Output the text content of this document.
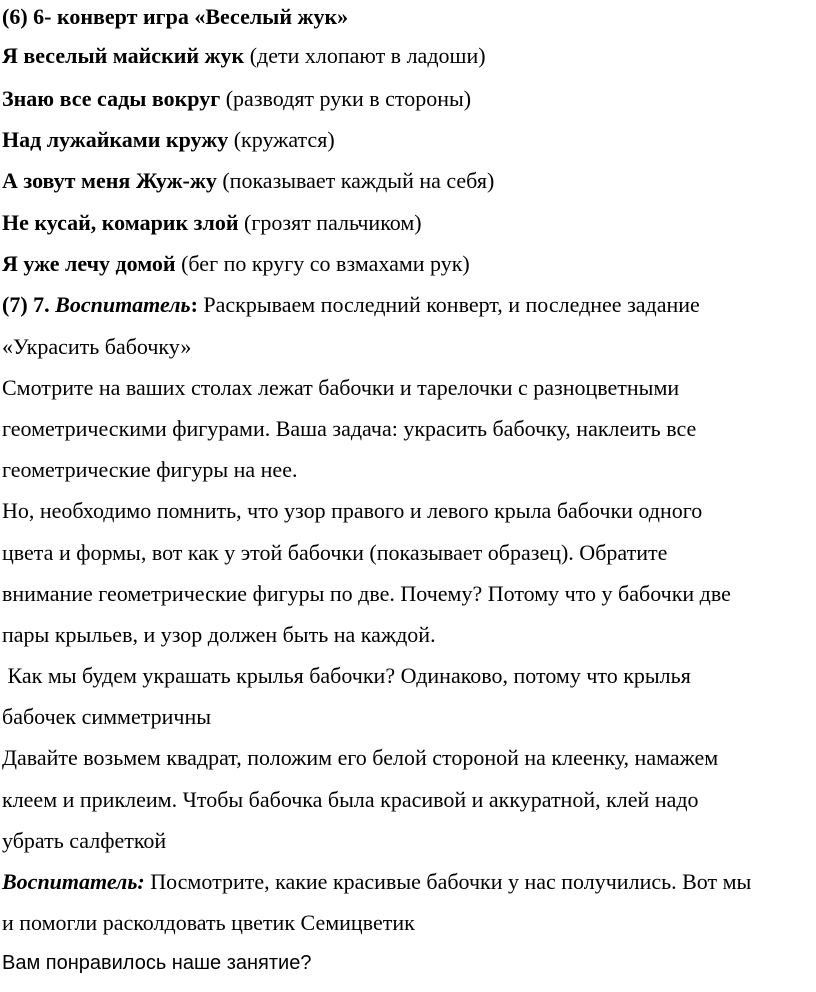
(6) 6- конверт игра «Веселый жук»
Я веселый майский жук (дети хлопают в ладоши)
Знаю все сады вокруг (разводят руки в стороны)
Над лужайками кружу (кружатся)
А зовут меня Жуж-жу (показывает каждый на себя)
Не кусай, комарик злой (грозят пальчиком)
Я уже лечу домой (бег по кругу со взмахами рук)
(7) 7. Воспитатель: Раскрываем последний конверт, и последнее задание
«Украсить бабочку»
Смотрите на ваших столах лежат бабочки и тарелочки с разноцветными
геометрическими фигурами. Ваша задача: украсить бабочку, наклеить все
геометрические фигуры на нее.
Но, необходимо помнить, что узор правого и левого крыла бабочки одного
цвета и формы, вот как у этой бабочки (показывает образец). Обратите
внимание геометрические фигуры по две. Почему? Потому что у бабочки две
пары крыльев, и узор должен быть на каждой.
Как мы будем украшать крылья бабочки? Одинаково, потому что крылья
бабочек симметричны
Давайте возьмем квадрат, положим его белой стороной на клеенку, намажем
клеем и приклеим. Чтобы бабочка была красивой и аккуратной, клей надо
убрать салфеткой
Воспитатель: Посмотрите, какие красивые бабочки у нас получились. Вот мы
и помогли расколдовать цветик Семицветик
Вам понравилось наше занятие?
